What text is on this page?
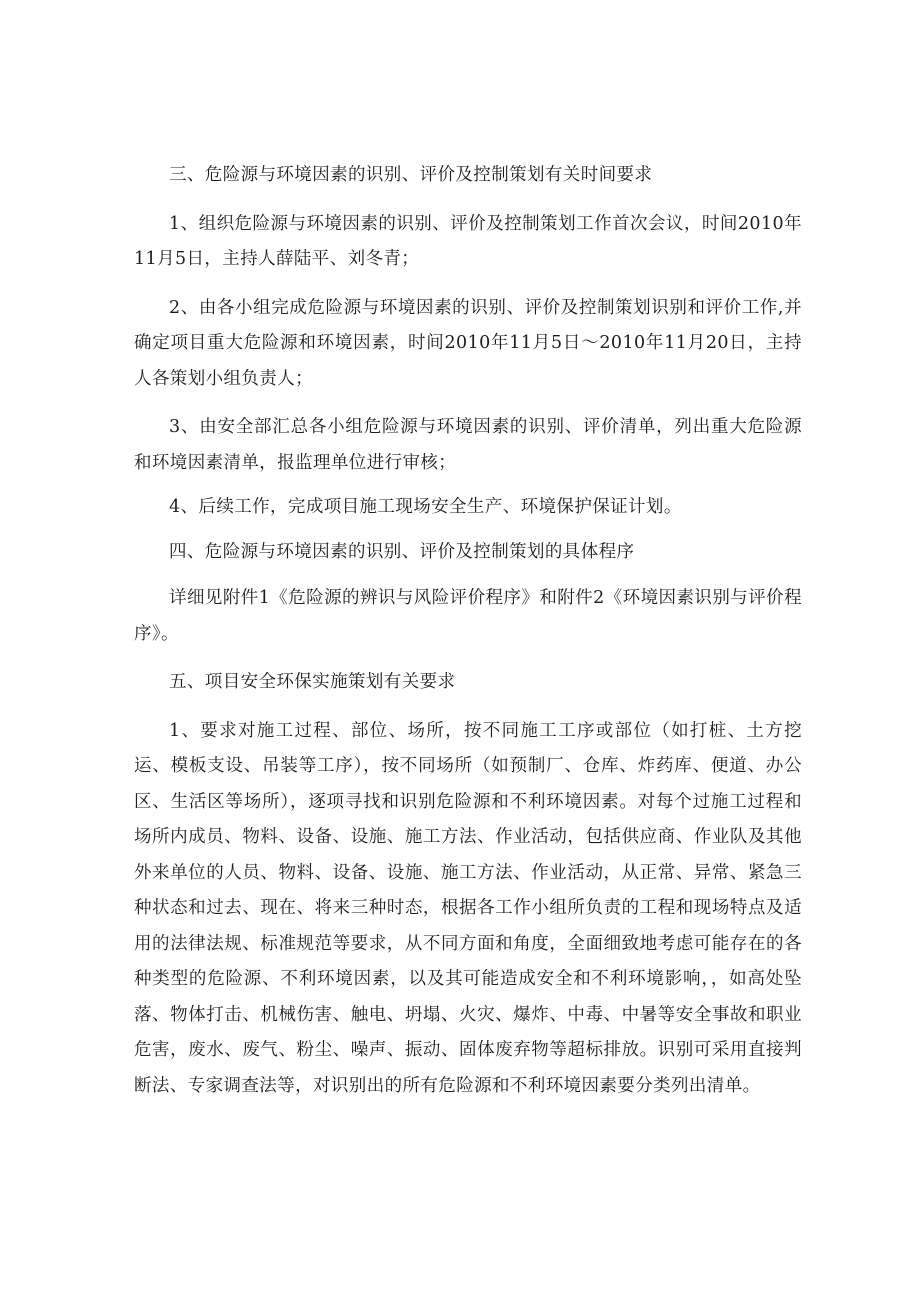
三、危险源与环境因素的识别、评价及控制策划有关时间要求

1、组织危险源与环境因素的识别、评价及控制策划工作首次会议，时间2010年11月5日，主持人薛陆平、刘冬青；

2、由各小组完成危险源与环境因素的识别、评价及控制策划识别和评价工作,并确定项目重大危险源和环境因素，时间2010年11月5日～2010年11月20日，主持人各策划小组负责人；

3、由安全部汇总各小组危险源与环境因素的识别、评价清单，列出重大危险源和环境因素清单，报监理单位进行审核；

4、后续工作，完成项目施工现场安全生产、环境保护保证计划。

四、危险源与环境因素的识别、评价及控制策划的具体程序

详细见附件1《危险源的辨识与风险评价程序》和附件2《环境因素识别与评价程序》。

五、项目安全环保实施策划有关要求

1、要求对施工过程、部位、场所，按不同施工工序或部位（如打桩、土方挖运、模板支设、吊装等工序），按不同场所（如预制厂、仓库、炸药库、便道、办公区、生活区等场所），逐项寻找和识别危险源和不利环境因素。对每个过施工过程和场所内成员、物料、设备、设施、施工方法、作业活动，包括供应商、作业队及其他外来单位的人员、物料、设备、设施、施工方法、作业活动，从正常、异常、紧急三种状态和过去、现在、将来三种时态，根据各工作小组所负责的工程和现场特点及适用的法律法规、标准规范等要求，从不同方面和角度，全面细致地考虑可能存在的各种类型的危险源、不利环境因素，以及其可能造成安全和不利环境影响，，如高处坠落、物体打击、机械伤害、触电、坍塌、火灾、爆炸、中毒、中暑等安全事故和职业危害，废水、废气、粉尘、噪声、振动、固体废弃物等超标排放。识别可采用直接判断法、专家调查法等，对识别出的所有危险源和不利环境因素要分类列出清单。
